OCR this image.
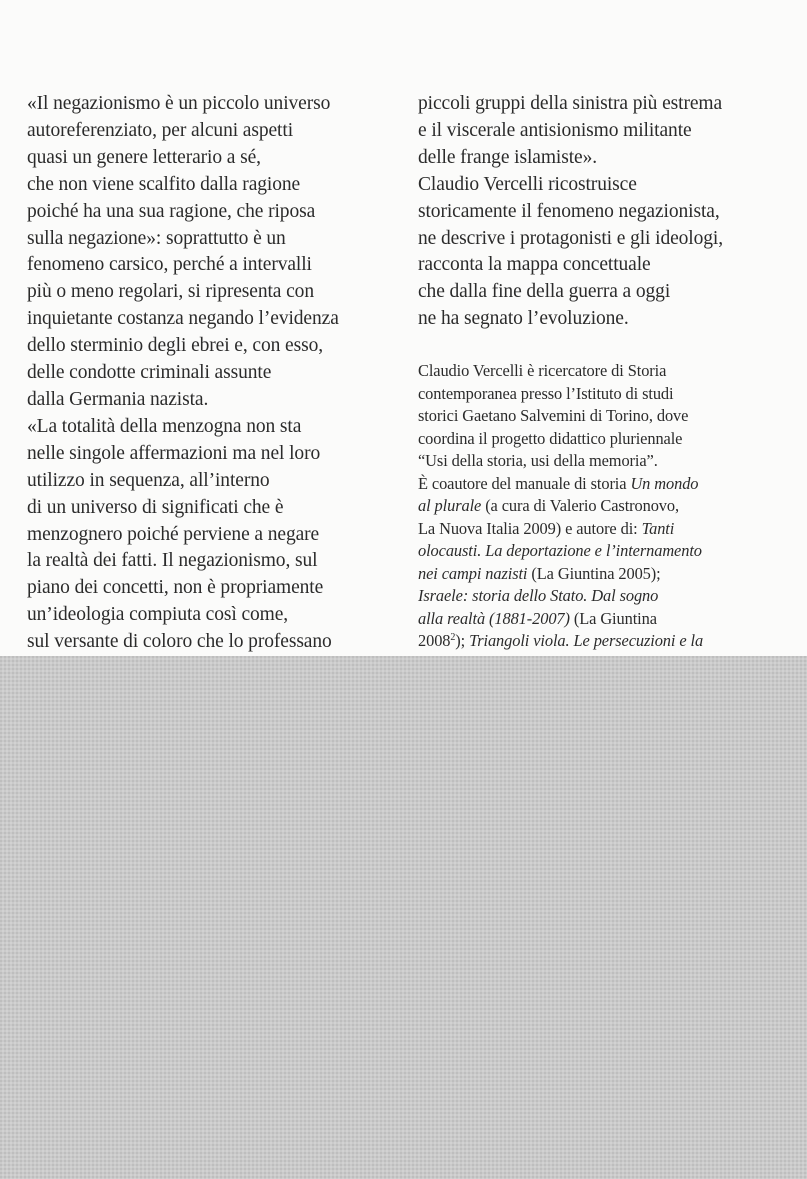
«Il negazionismo è un piccolo universo
autoreferenziato, per alcuni aspetti
quasi un genere letterario a sé,
che non viene scalfito dalla ragione
poiché ha una sua ragione, che riposa
sulla negazione»: soprattutto è un
fenomeno carsico, perché a intervalli
più o meno regolari, si ripresenta con
inquietante costanza negando l’evidenza
dello sterminio degli ebrei e, con esso,
delle condotte criminali assunte
dalla Germania nazista.
«La totalità della menzogna non sta
nelle singole affermazioni ma nel loro
utilizzo in sequenza, all’interno
di un universo di significati che è
menzognero poiché perviene a negare
la realtà dei fatti. Il negazionismo, sul
piano dei concetti, non è propriamente
un’ideologia compiuta così come,
sul versante di coloro che lo professano
piccoli gruppi della sinistra più estrema
e il viscerale antisionismo militante
delle frange islamiste».
Claudio Vercelli ricostruisce
storicamente il fenomeno negazionista,
ne descrive i protagonisti e gli ideologi,
racconta la mappa concettuale
che dalla fine della guerra a oggi
ne ha segnato l’evoluzione.
Claudio Vercelli è ricercatore di Storia
contemporanea presso l’Istituto di studi
storici Gaetano Salvemini di Torino, dove
coordina il progetto didattico pluriennale
“Usi della storia, usi della memoria”.
È coautore del manuale di storia Un mondo
al plurale (a cura di Valerio Castronovo,
La Nuova Italia 2009) e autore di: Tanti
olocausti. La deportazione e l’internamento
nei campi nazisti (La Giuntina 2005);
Israele: storia dello Stato. Dal sogno
alla realtà (1881-2007) (La Giuntina
2008$^2$); Triangoli viola. Le persecuzioni e la
